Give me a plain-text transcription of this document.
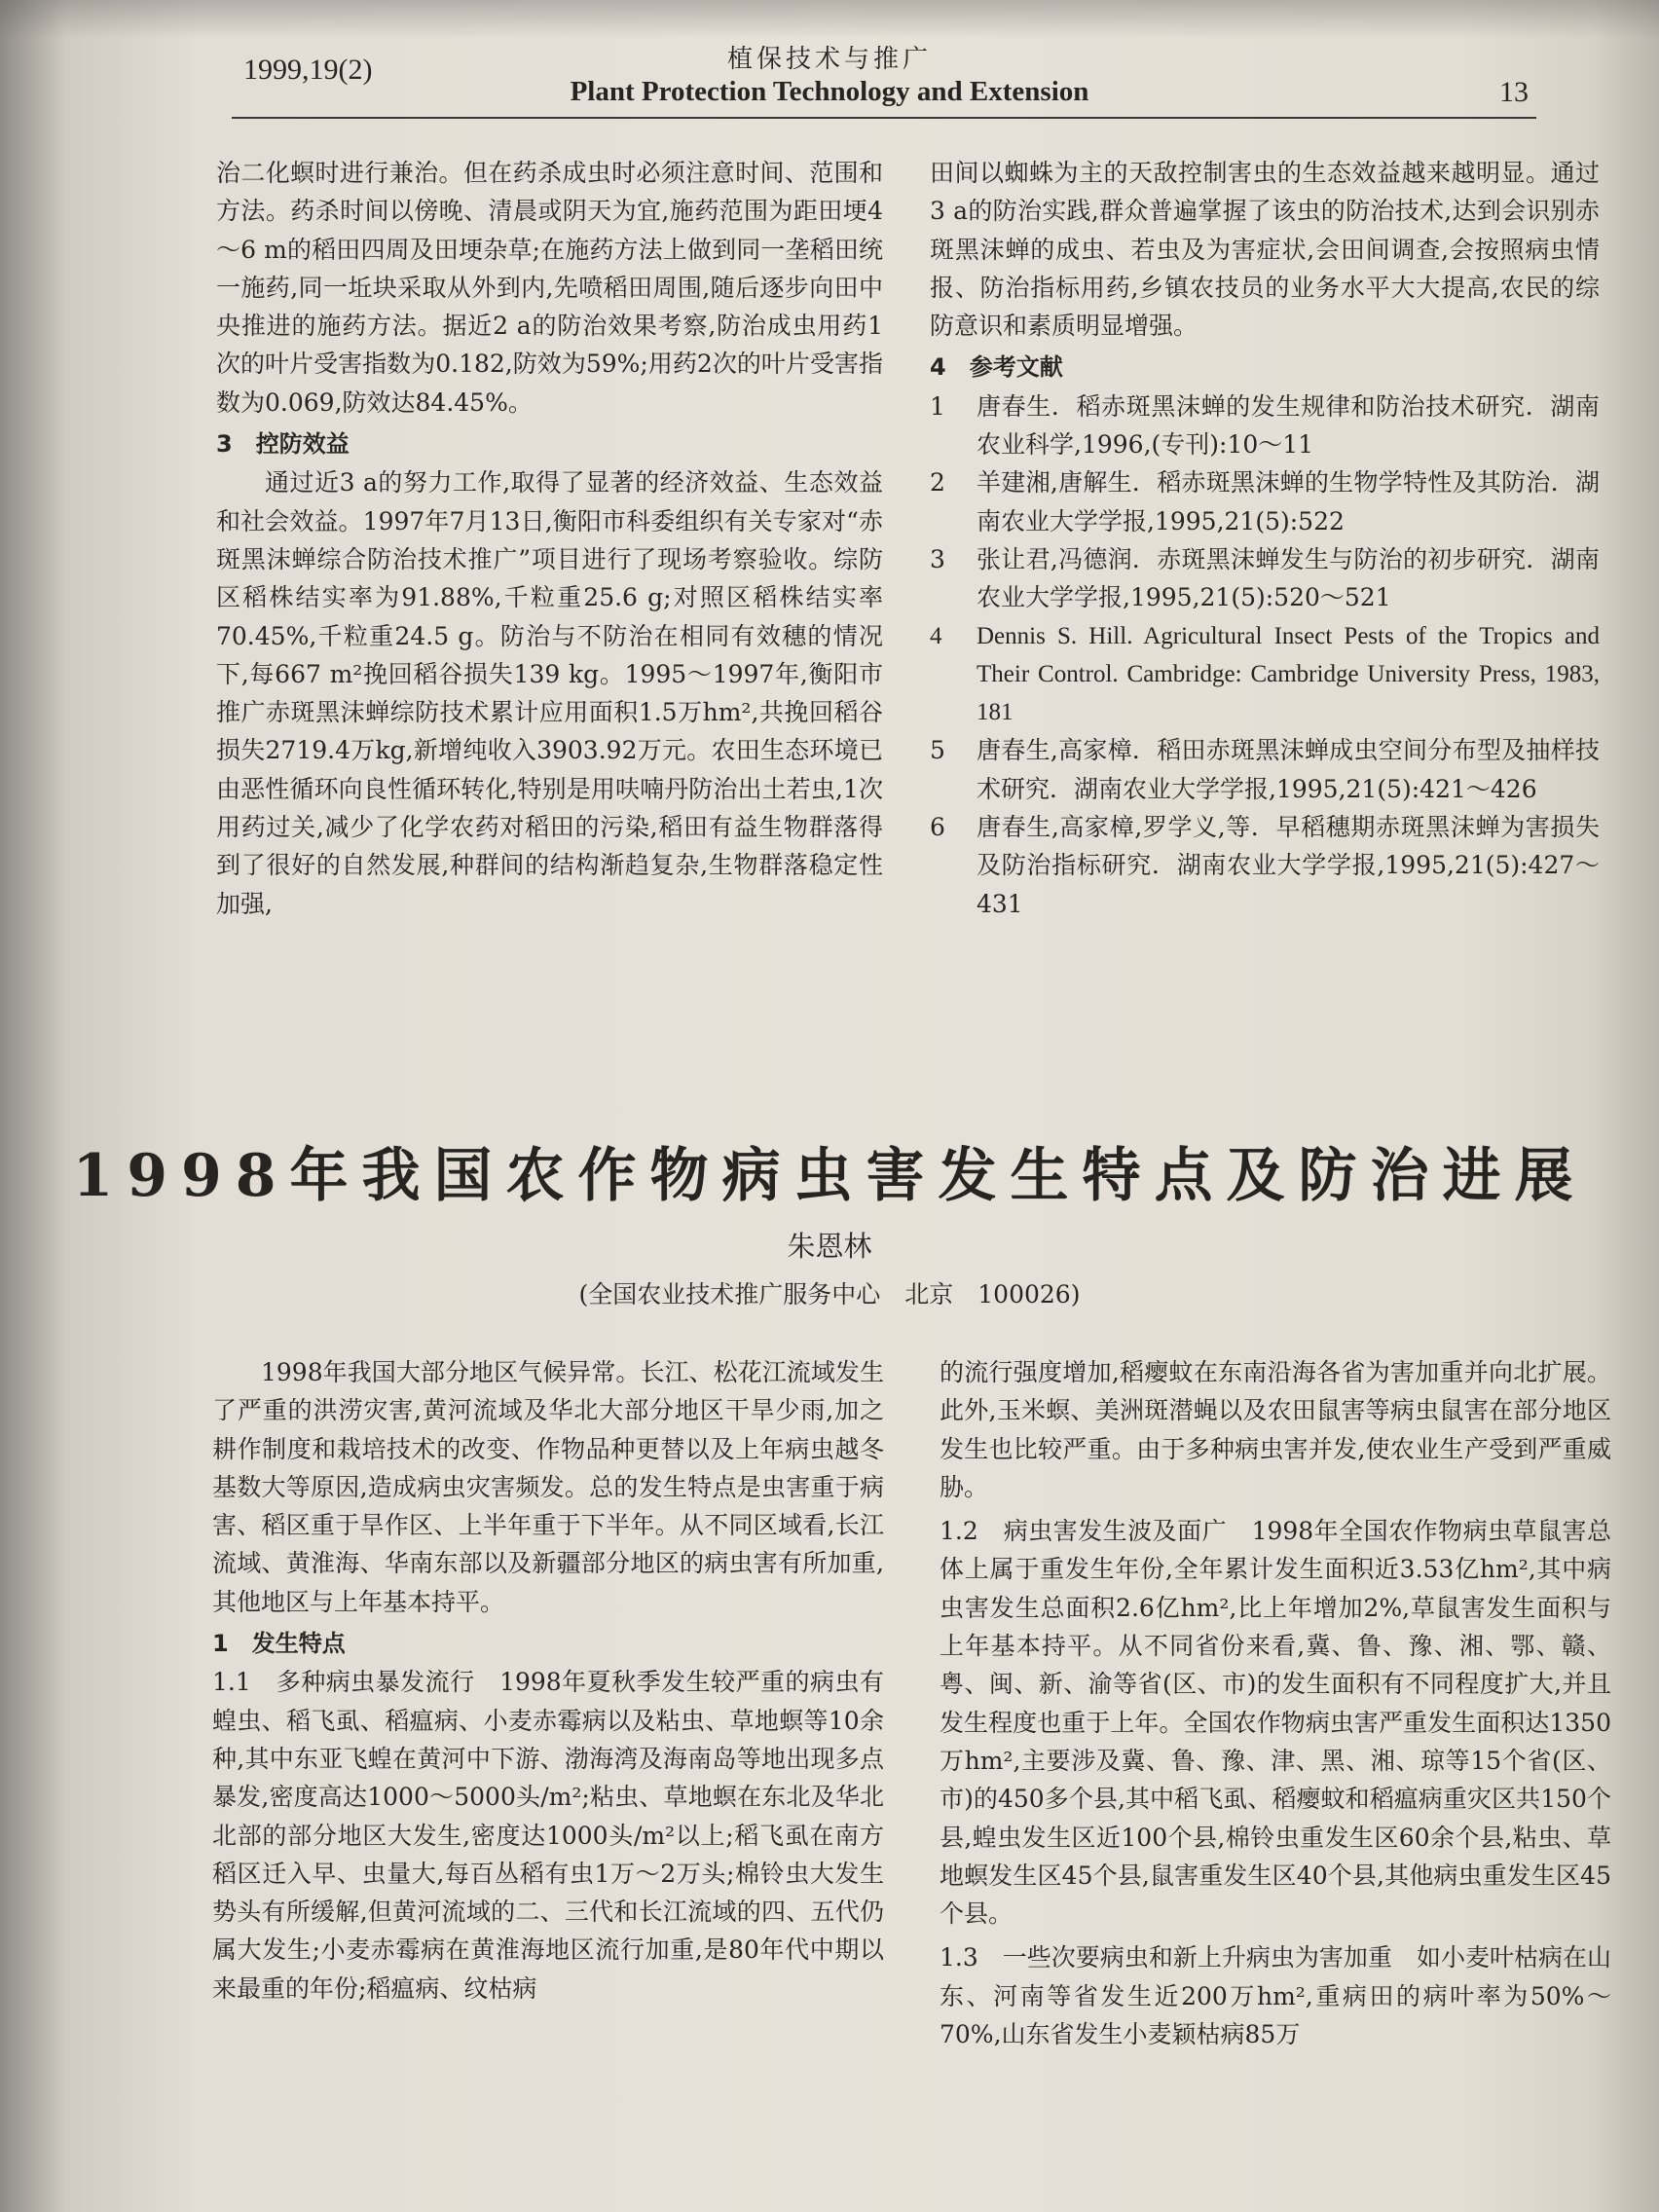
1999,19(2)	植保技术与推广
Plant Protection Technology and Extension	13

治二化螟时进行兼治。但在药杀成虫时必须注意时间、范围和方法。药杀时间以傍晚、清晨或阴天为宜,施药范围为距田埂4～6 m的稻田四周及田埂杂草;在施药方法上做到同一垄稻田统一施药,同一坵块采取从外到内,先喷稻田周围,随后逐步向田中央推进的施药方法。据近2 a的防治效果考察,防治成虫用药1次的叶片受害指数为0.182,防效为59%;用药2次的叶片受害指数为0.069,防效达84.45%。

3　控防效益

通过近3 a的努力工作,取得了显著的经济效益、生态效益和社会效益。1997年7月13日,衡阳市科委组织有关专家对“赤斑黑沫蝉综合防治技术推广”项目进行了现场考察验收。综防区稻株结实率为91.88%,千粒重25.6 g;对照区稻株结实率70.45%,千粒重24.5 g。防治与不防治在相同有效穗的情况下,每667 m²挽回稻谷损失139 kg。1995～1997年,衡阳市推广赤斑黑沫蝉综防技术累计应用面积1.5万hm²,共挽回稻谷损失2719.4万kg,新增纯收入3903.92万元。农田生态环境已由恶性循环向良性循环转化,特别是用呋喃丹防治出土若虫,1次用药过关,减少了化学农药对稻田的污染,稻田有益生物群落得到了很好的自然发展,种群间的结构渐趋复杂,生物群落稳定性加强,

田间以蜘蛛为主的天敌控制害虫的生态效益越来越明显。通过3 a的防治实践,群众普遍掌握了该虫的防治技术,达到会识别赤斑黑沫蝉的成虫、若虫及为害症状,会田间调查,会按照病虫情报、防治指标用药,乡镇农技员的业务水平大大提高,农民的综防意识和素质明显增强。

4　参考文献

1	唐春生．稻赤斑黑沫蝉的发生规律和防治技术研究．湖南农业科学,1996,(专刊):10～11
2	羊建湘,唐解生．稻赤斑黑沫蝉的生物学特性及其防治．湖南农业大学学报,1995,21(5):522
3	张让君,冯德润．赤斑黑沫蝉发生与防治的初步研究．湖南农业大学学报,1995,21(5):520～521
4	Dennis S. Hill. Agricultural Insect Pests of the Tropics and Their Control. Cambridge: Cambridge University Press, 1983, 181
5	唐春生,高家樟．稻田赤斑黑沫蝉成虫空间分布型及抽样技术研究．湖南农业大学学报,1995,21(5):421～426
6	唐春生,高家樟,罗学义,等．早稻穗期赤斑黑沫蝉为害损失及防治指标研究．湖南农业大学学报,1995,21(5):427～431
1998年我国农作物病虫害发生特点及防治进展
朱恩林
(全国农业技术推广服务中心　北京　100026)

1998年我国大部分地区气候异常。长江、松花江流域发生了严重的洪涝灾害,黄河流域及华北大部分地区干旱少雨,加之耕作制度和栽培技术的改变、作物品种更替以及上年病虫越冬基数大等原因,造成病虫灾害频发。总的发生特点是虫害重于病害、稻区重于旱作区、上半年重于下半年。从不同区域看,长江流域、黄淮海、华南东部以及新疆部分地区的病虫害有所加重,其他地区与上年基本持平。

1　发生特点

1.1　多种病虫暴发流行　1998年夏秋季发生较严重的病虫有蝗虫、稻飞虱、稻瘟病、小麦赤霉病以及粘虫、草地螟等10余种,其中东亚飞蝗在黄河中下游、渤海湾及海南岛等地出现多点暴发,密度高达1000～5000头/m²;粘虫、草地螟在东北及华北北部的部分地区大发生,密度达1000头/m²以上;稻飞虱在南方稻区迁入早、虫量大,每百丛稻有虫1万～2万头;棉铃虫大发生势头有所缓解,但黄河流域的二、三代和长江流域的四、五代仍属大发生;小麦赤霉病在黄淮海地区流行加重,是80年代中期以来最重的年份;稻瘟病、纹枯病

的流行强度增加,稻瘿蚊在东南沿海各省为害加重并向北扩展。此外,玉米螟、美洲斑潜蝇以及农田鼠害等病虫鼠害在部分地区发生也比较严重。由于多种病虫害并发,使农业生产受到严重威胁。

1.2　病虫害发生波及面广　1998年全国农作物病虫草鼠害总体上属于重发生年份,全年累计发生面积近3.53亿hm²,其中病虫害发生总面积2.6亿hm²,比上年增加2%,草鼠害发生面积与上年基本持平。从不同省份来看,冀、鲁、豫、湘、鄂、赣、粤、闽、新、渝等省(区、市)的发生面积有不同程度扩大,并且发生程度也重于上年。全国农作物病虫害严重发生面积达1350万hm²,主要涉及冀、鲁、豫、津、黑、湘、琼等15个省(区、市)的450多个县,其中稻飞虱、稻瘿蚊和稻瘟病重灾区共150个县,蝗虫发生区近100个县,棉铃虫重发生区60余个县,粘虫、草地螟发生区45个县,鼠害重发生区40个县,其他病虫重发生区45个县。

1.3　一些次要病虫和新上升病虫为害加重　如小麦叶枯病在山东、河南等省发生近200万hm²,重病田的病叶率为50%～70%,山东省发生小麦颖枯病85万
